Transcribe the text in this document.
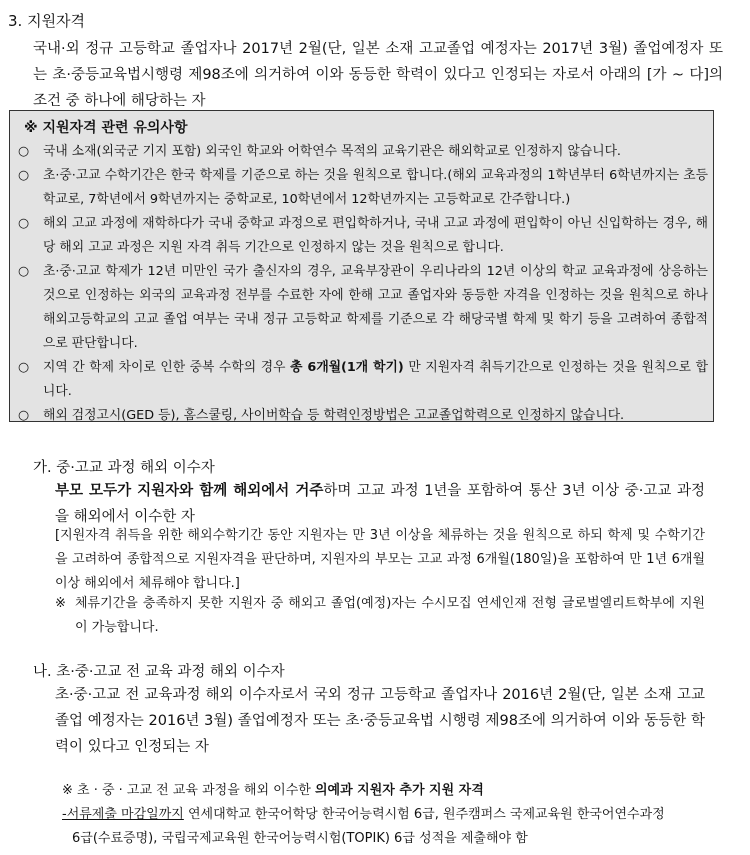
3. 지원자격
국내·외 정규 고등학교 졸업자나 2017년 2월(단, 일본 소재 고교졸업 예정자는 2017년 3월) 졸업예정자 또는 초·중등교육법시행령 제98조에 의거하여 이와 동등한 학력이 있다고 인정되는 자로서 아래의 [가 ~ 다]의 조건 중 하나에 해당하는 자
※ 지원자격 관련 유의사항
○	국내 소재(외국군 기지 포함) 외국인 학교와 어학연수 목적의 교육기관은 해외학교로 인정하지 않습니다.
○	초·중·고교 수학기간은 한국 학제를 기준으로 하는 것을 원칙으로 합니다.(해외 교육과정의 1학년부터 6학년까지는 초등학교로, 7학년에서 9학년까지는 중학교로, 10학년에서 12학년까지는 고등학교로 간주합니다.)
○	해외 고교 과정에 재학하다가 국내 중학교 과정으로 편입학하거나, 국내 고교 과정에 편입학이 아닌 신입학하는 경우, 해당 해외 고교 과정은 지원 자격 취득 기간으로 인정하지 않는 것을 원칙으로 합니다.
○	초·중·고교 학제가 12년 미만인 국가 출신자의 경우, 교육부장관이 우리나라의 12년 이상의 학교 교육과정에 상응하는 것으로 인정하는 외국의 교육과정 전부를 수료한 자에 한해 고교 졸업자와 동등한 자격을 인정하는 것을 원칙으로 하나 해외고등학교의 고교 졸업 여부는 국내 정규 고등학교 학제를 기준으로 각 해당국별 학제 및 학기 등을 고려하여 종합적으로 판단합니다.
○	지역 간 학제 차이로 인한 중복 수학의 경우 총 6개월(1개 학기) 만 지원자격 취득기간으로 인정하는 것을 원칙으로 합니다.
○	해외 검정고시(GED 등), 홈스쿨링, 사이버학습 등 학력인정방법은 고교졸업학력으로 인정하지 않습니다.
가. 중·고교 과정 해외 이수자
부모 모두가 지원자와 함께 해외에서 거주하며 고교 과정 1년을 포함하여 통산 3년 이상 중·고교 과정을 해외에서 이수한 자
[지원자격 취득을 위한 해외수학기간 동안 지원자는 만 3년 이상을 체류하는 것을 원칙으로 하되 학제 및 수학기간을 고려하여 종합적으로 지원자격을 판단하며, 지원자의 부모는 고교 과정 6개월(180일)을 포함하여 만 1년 6개월 이상 해외에서 체류해야 합니다.]
※ 체류기간을 충족하지 못한 지원자 중 해외고 졸업(예정)자는 수시모집 연세인재 전형 글로벌엘리트학부에 지원이 가능합니다.
나. 초·중·고교 전 교육 과정 해외 이수자
초·중·고교 전 교육과정 해외 이수자로서 국외 정규 고등학교 졸업자나 2016년 2월(단, 일본 소재 고교 졸업 예정자는 2016년 3월) 졸업예정자 또는 초·중등교육법 시행령 제98조에 의거하여 이와 동등한 학력이 있다고 인정되는 자
※ 초 · 중 · 고교 전 교육 과정을 해외 이수한 의예과 지원자 추가 지원 자격
-서류제출 마감일까지 연세대학교 한국어학당 한국어능력시험 6급, 원주캠퍼스 국제교육원 한국어연수과정
6급(수료증명), 국립국제교육원 한국어능력시험(TOPIK) 6급 성적을 제출해야 함
